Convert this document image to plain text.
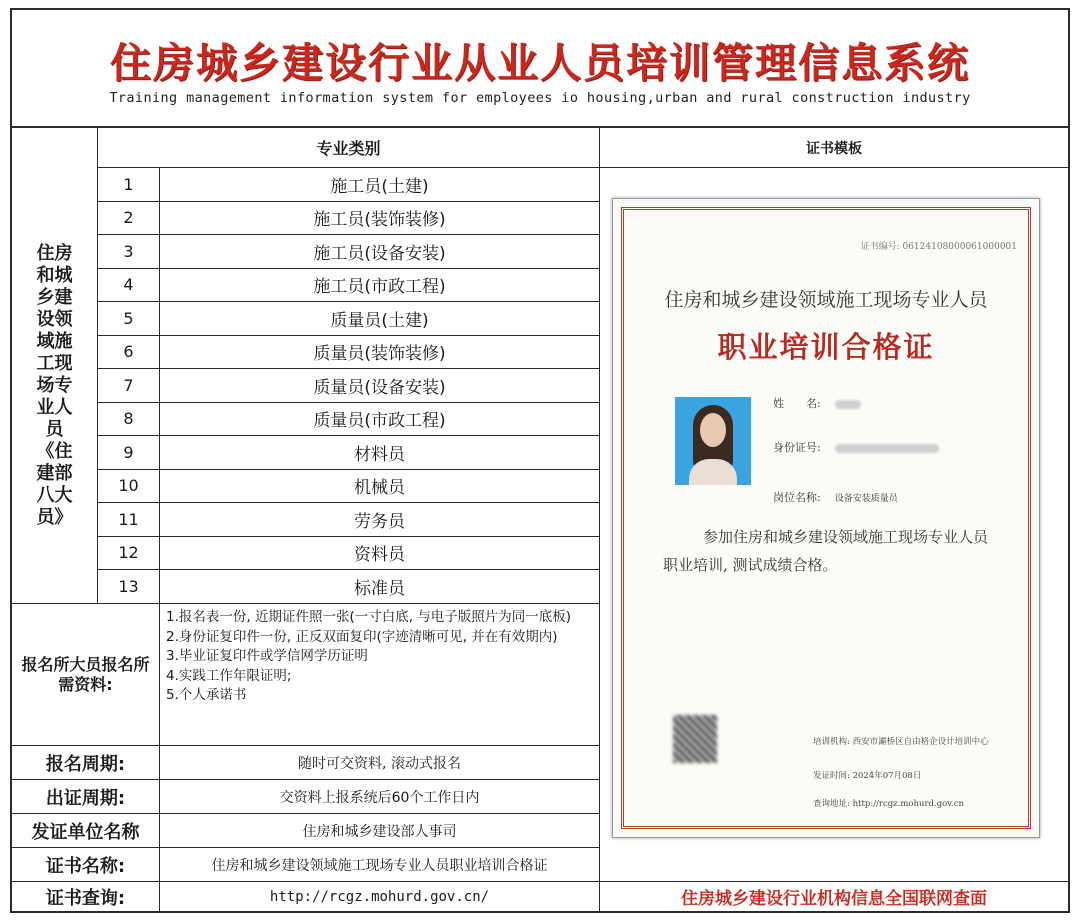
住房城乡建设行业从业人员培训管理信息系统
Training management information system for employees io housing,urban and rural construction industry
专业类别	证书模板
住房和城乡建设领域施工现场专业人员《住建部八大员》
报名所大员报名所需资料:
1.报名表一份, 近期证件照一张(一寸白底, 与电子版照片为同一底板)
2.身份证复印件一份, 正反双面复印(字迹清晰可见, 并在有效期内)
3.毕业证复印件或学信网学历证明
4.实践工作年限证明;
5.个人承诺书
报名周期:	随时可交资料, 滚动式报名
出证周期:	交资料上报系统后60个工作日内
发证单位名称	住房和城乡建设部人事司
证书名称:	住房和城乡建设领域施工现场专业人员职业培训合格证
证书查询:	http://rcgz.mohurd.gov.cn/	住房城乡建设行业机构信息全国联网查面
1	施工员(土建)
2	施工员(装饰装修)
3	施工员(设备安装)
4	施工员(市政工程)
5	质量员(土建)
6	质量员(装饰装修)
7	质量员(设备安装)
8	质量员(市政工程)
9	材料员
10	机械员
11	劳务员
12	资料员
13	标准员
证书编号: 06124108000061000001
住房和城乡建设领域施工现场专业人员
职业培训合格证
姓　　名:
身份证号:
岗位名称: 设备安装质量员
参加住房和城乡建设领域施工现场专业人员职业培训, 测试成绩合格。
培训机构: 西安市灞桥区自由格企设计培训中心
发证时间: 2024年07月08日
查询地址: http://rcgz.mohurd.gov.cn
